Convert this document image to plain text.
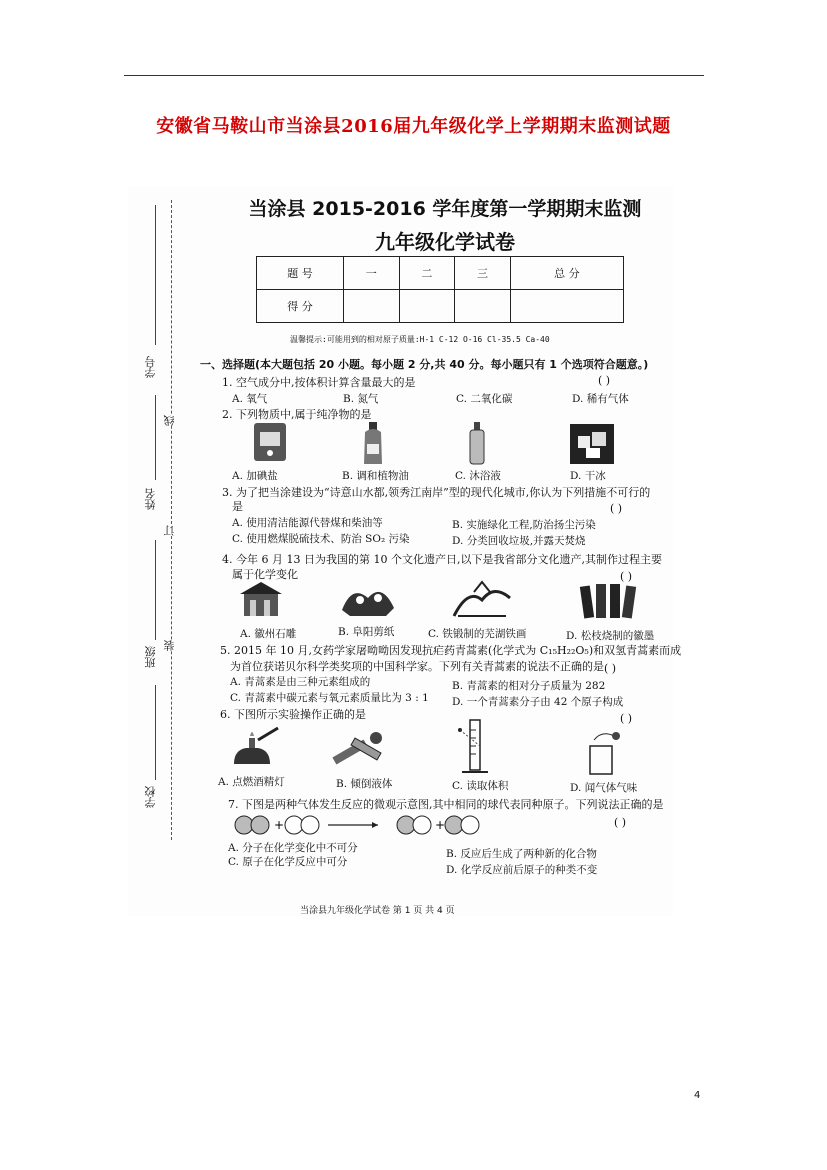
安徽省马鞍山市当涂县2016届九年级化学上学期期末监测试题
学号
线
姓名
订
班级
装
学校
当涂县 2015-2016 学年度第一学期期末监测
九年级化学试卷
题 号	一	二	三	总 分
得 分				
温馨提示:可能用到的相对原子质量:H-1 C-12 O-16 Cl-35.5 Ca-40
一、选择题(本大题包括 20 小题。每小题 2 分,共 40 分。每小题只有 1 个选项符合题意。)
1. 空气成分中,按体积计算含量最大的是	( )
A. 氧气	B. 氮气	C. 二氧化碳	D. 稀有气体
2. 下列物质中,属于纯净物的是
A. 加碘盐	B. 调和植物油	C. 沐浴液	D. 干冰
3. 为了把当涂建设为“诗意山水都,领秀江南岸”型的现代化城市,你认为下列措施不可行的
是	( )
A. 使用清洁能源代替煤和柴油等	B. 实施绿化工程,防治扬尘污染
C. 使用燃煤脱硫技术、防治 SO₂ 污染	D. 分类回收垃圾,并露天焚烧
4. 今年 6 月 13 日为我国的第 10 个文化遗产日,以下是我省部分文化遗产,其制作过程主要
属于化学变化	( )
A. 徽州石雕	B. 阜阳剪纸	C. 铁锻制的芜湖铁画	D. 松枝烧制的徽墨
5. 2015 年 10 月,女药学家屠呦呦因发现抗疟药青蒿素(化学式为 C₁₅H₂₂O₅)和双氢青蒿素而成
为首位获诺贝尔科学类奖项的中国科学家。下列有关青蒿素的说法不正确的是 ( )
A. 青蒿素是由三种元素组成的	B. 青蒿素的相对分子质量为 282
C. 青蒿素中碳元素与氧元素质量比为 3 : 1 D. 一个青蒿素分子由 42 个原子构成
6. 下图所示实验操作正确的是	( )
A. 点燃酒精灯	B. 倾倒液体	C. 读取体积	D. 闻气体气味
7. 下图是两种气体发生反应的微观示意图,其中相同的球代表同种原子。下列说法正确的是
+	+	( )
A. 分子在化学变化中不可分	B. 反应后生成了两种新的化合物
C. 原子在化学反应中可分
D. 化学反应前后原子的种类不变
当涂县九年级化学试卷 第 1 页 共 4 页
4
